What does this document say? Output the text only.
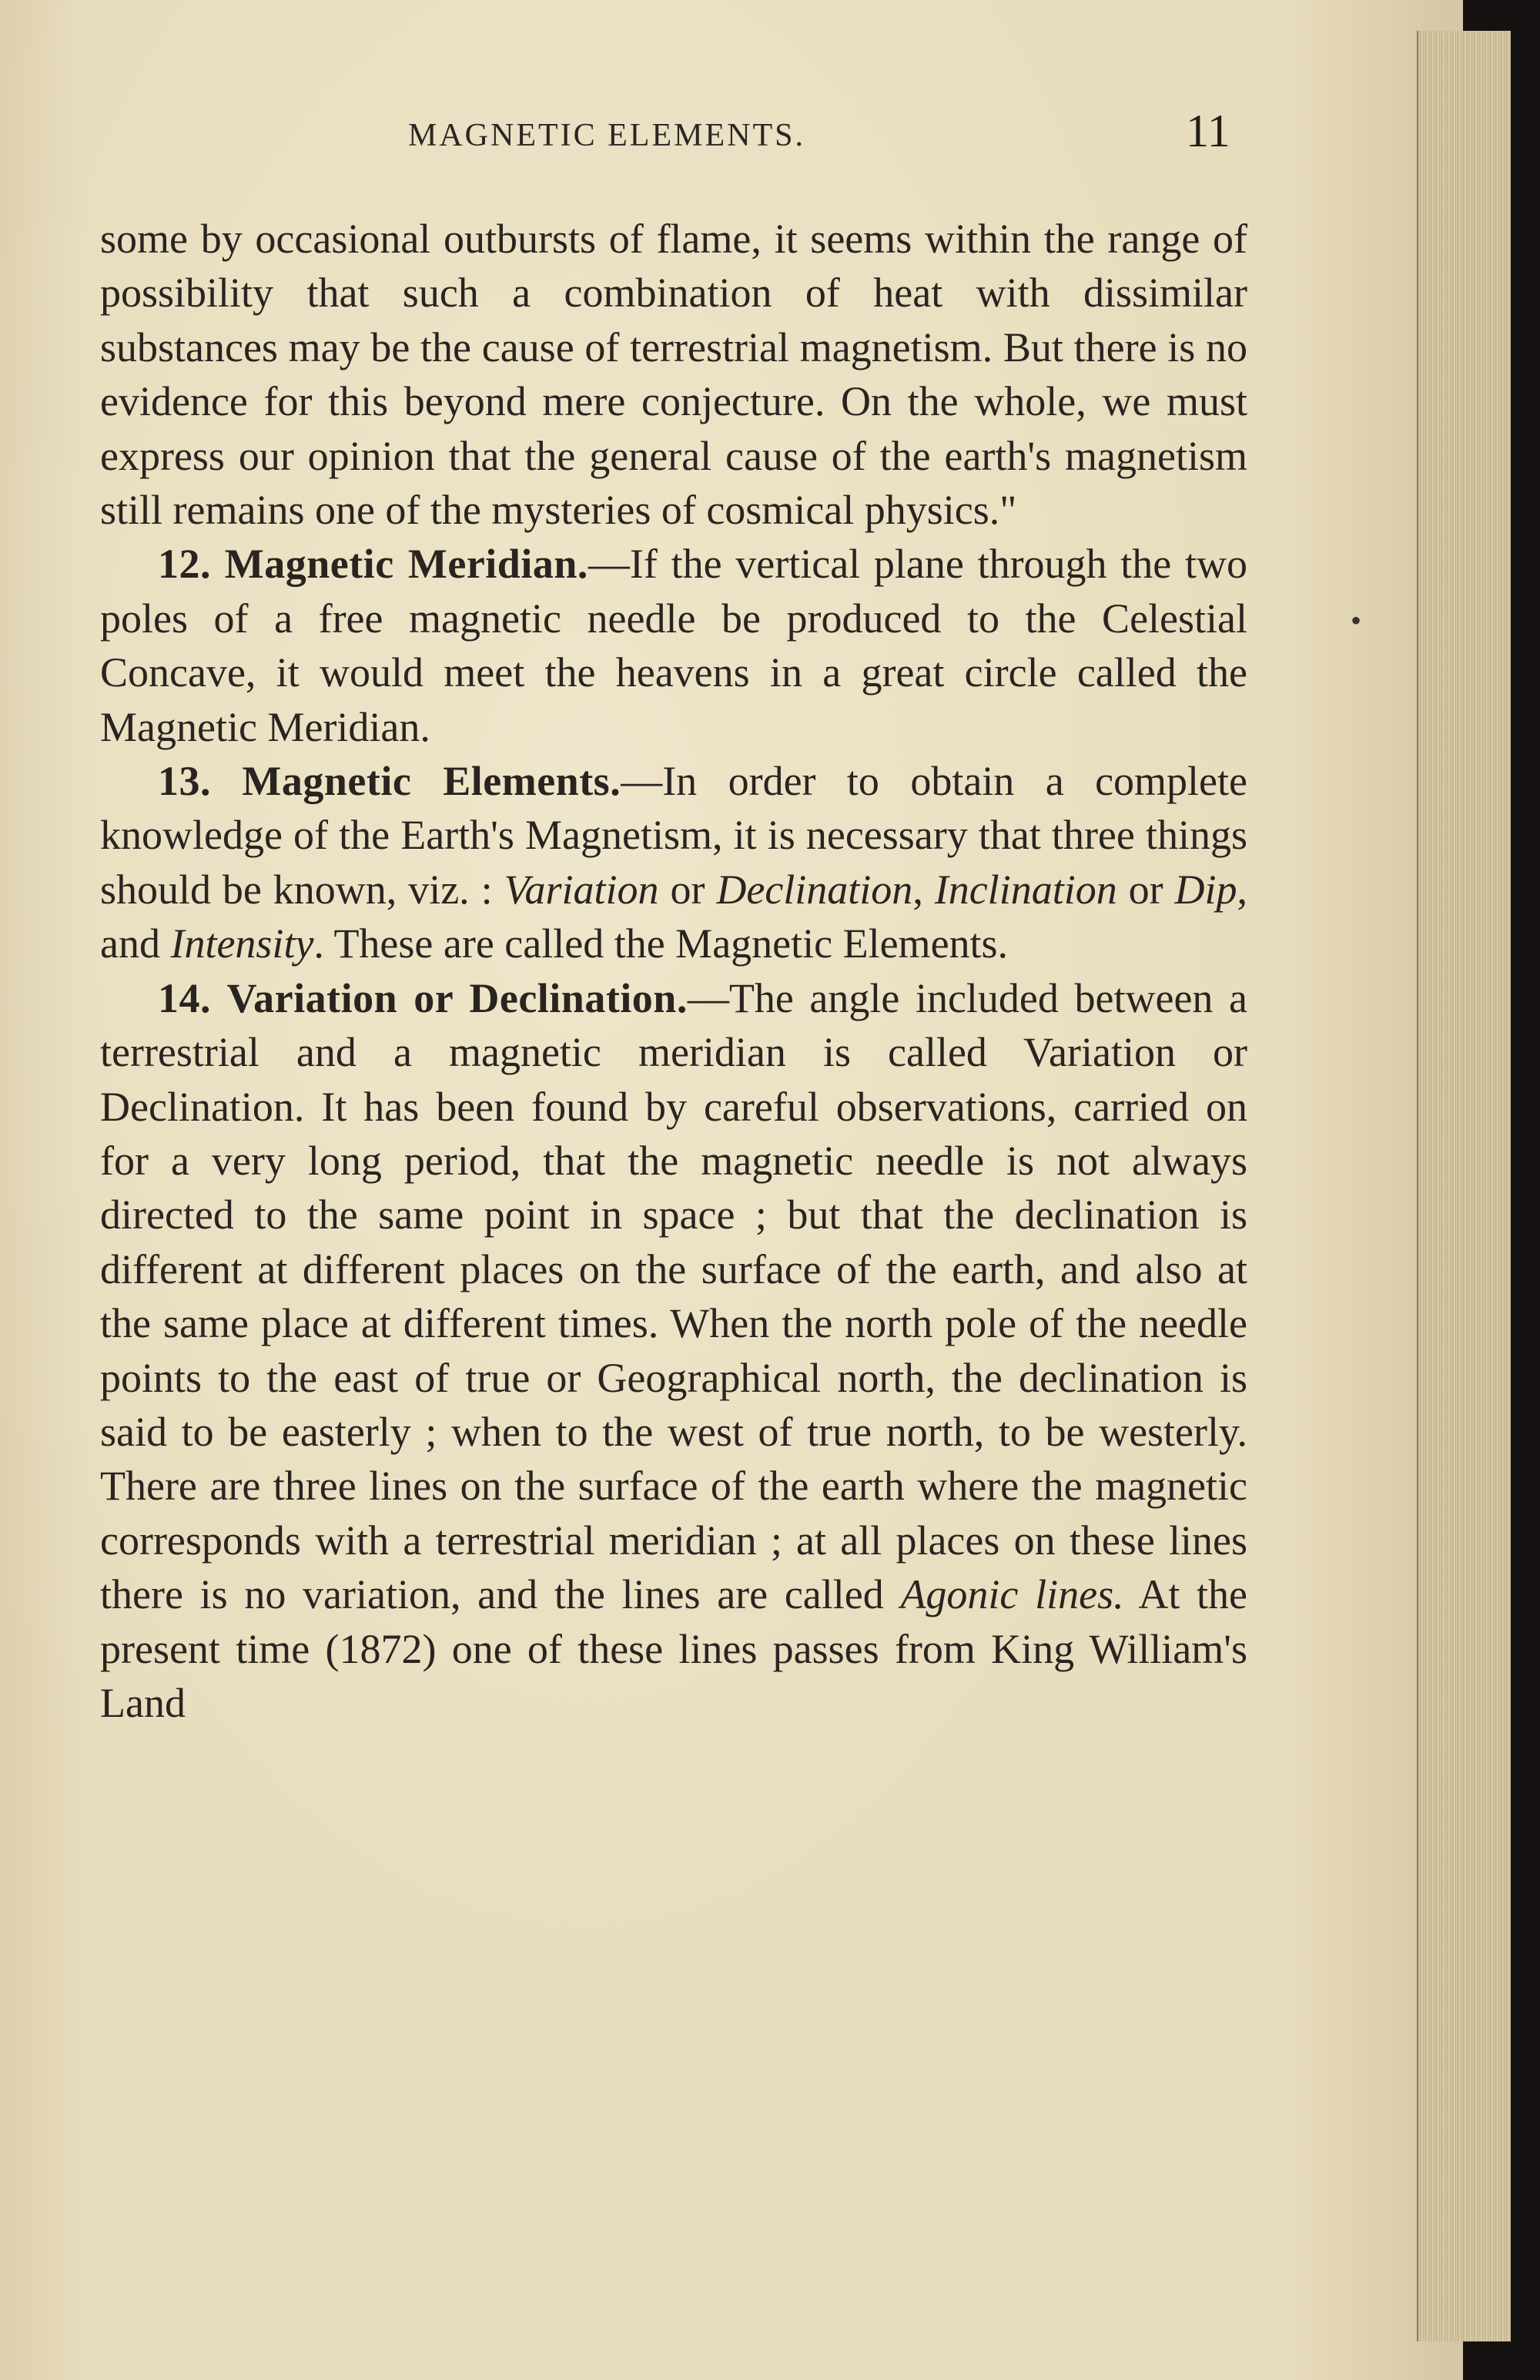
MAGNETIC ELEMENTS.	11

some by occasional outbursts of flame, it seems within the range of possibility that such a combination of heat with dissimilar substances may be the cause of terrestrial magnetism. But there is no evidence for this beyond mere conjecture. On the whole, we must express our opinion that the general cause of the earth's magnetism still remains one of the mysteries of cosmical physics."

12. Magnetic Meridian.—If the vertical plane through the two poles of a free magnetic needle be produced to the Celestial Concave, it would meet the heavens in a great circle called the Magnetic Meridian.

13. Magnetic Elements.—In order to obtain a complete knowledge of the Earth's Magnetism, it is necessary that three things should be known, viz. : Variation or Declination, Inclination or Dip, and Intensity. These are called the Magnetic Elements.

14. Variation or Declination.—The angle included between a terrestrial and a magnetic meridian is called Variation or Declination. It has been found by careful observations, carried on for a very long period, that the magnetic needle is not always directed to the same point in space ; but that the declination is different at different places on the surface of the earth, and also at the same place at different times. When the north pole of the needle points to the east of true or Geographical north, the declination is said to be easterly ; when to the west of true north, to be westerly. There are three lines on the surface of the earth where the magnetic corresponds with a terrestrial meridian ; at all places on these lines there is no variation, and the lines are called Agonic lines. At the present time (1872) one of these lines passes from King William's Land

•
